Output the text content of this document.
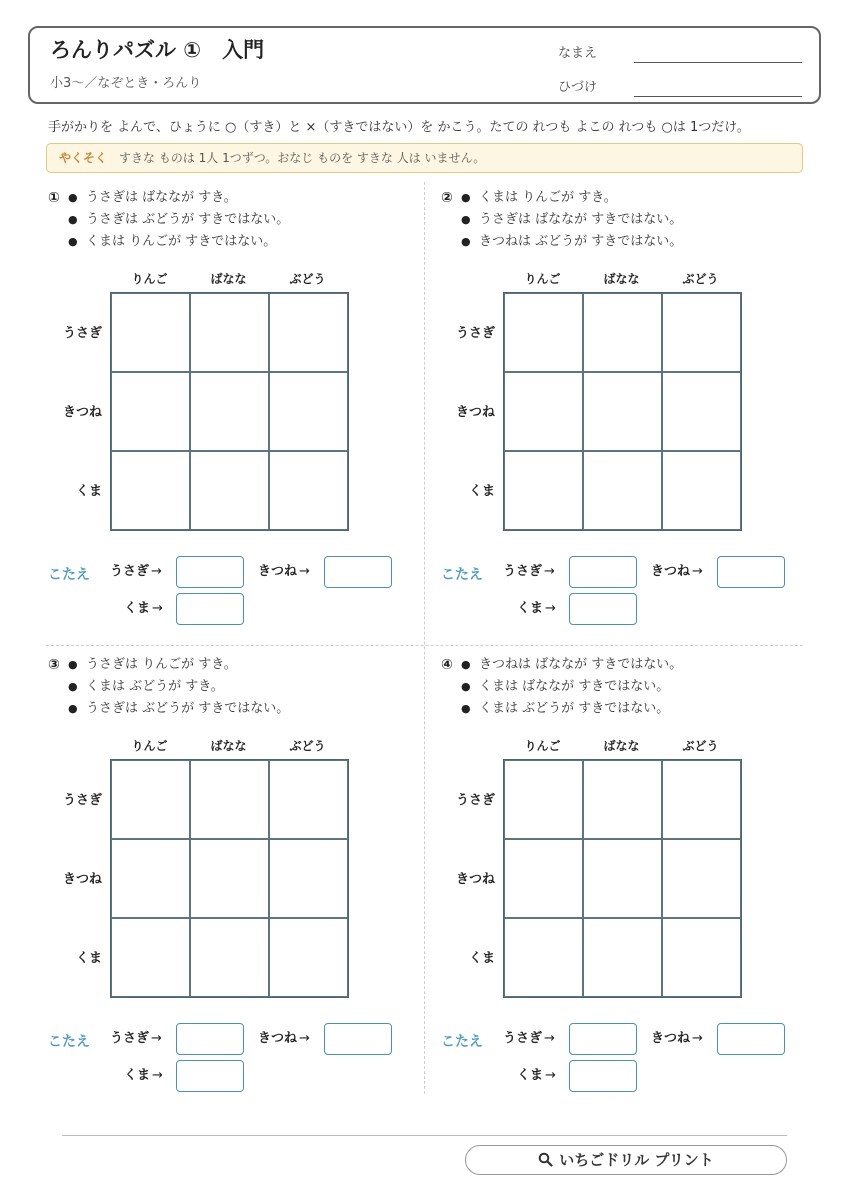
ろんりパズル ①　入門
小3～／なぞとき・ろんり
なまえ
ひづけ
手がかりを よんで、ひょうに ○（すき）と ×（すきではない）を かこう。たての れつも よこの れつも ○は 1つだけ。
やくそく すきな ものは 1人 1つずつ。おなじ ものを すきな 人は いません。
① ● うさぎは ばななが すき。
● うさぎは ぶどうが すきではない。
● くまは りんごが すきではない。
りんご	ばなな	ぶどう
うさぎ
きつね
くま
こたえ うさぎ →	きつね →
くま →
② ● くまは りんごが すき。
● うさぎは ばななが すきではない。
● きつねは ぶどうが すきではない。
りんご	ばなな	ぶどう
うさぎ
きつね
くま
こたえ うさぎ →	きつね →
くま →
③ ● うさぎは りんごが すき。
● くまは ぶどうが すき。
● うさぎは ぶどうが すきではない。
りんご	ばなな	ぶどう
うさぎ
きつね
くま
こたえ うさぎ →	きつね →
くま →
④ ● きつねは ばななが すきではない。
● くまは ばななが すきではない。
● くまは ぶどうが すきではない。
りんご	ばなな	ぶどう
うさぎ
きつね
くま
こたえ うさぎ →	きつね →
くま →
いちごドリル プリント
